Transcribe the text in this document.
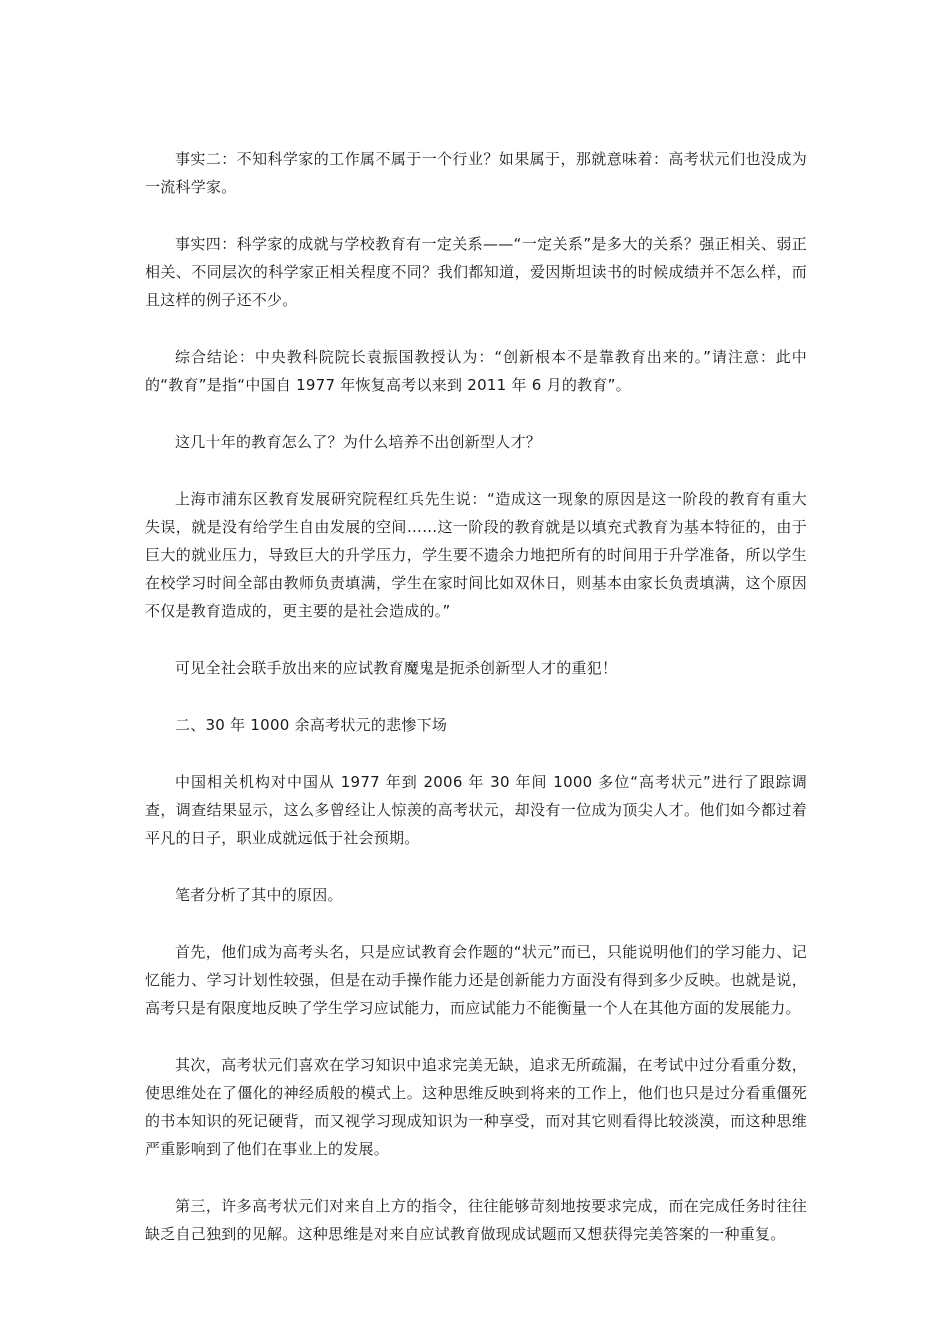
事实二：不知科学家的工作属不属于一个行业？如果属于，那就意味着：高考状元们也没成为一流科学家。

事实四：科学家的成就与学校教育有一定关系——“一定关系”是多大的关系？强正相关、弱正相关、不同层次的科学家正相关程度不同？我们都知道，爱因斯坦读书的时候成绩并不怎么样，而且这样的例子还不少。

综合结论：中央教科院院长袁振国教授认为：“创新根本不是靠教育出来的。”请注意：此中的“教育”是指“中国自 1977 年恢复高考以来到 2011 年 6 月的教育”。

这几十年的教育怎么了？为什么培养不出创新型人才？

上海市浦东区教育发展研究院程红兵先生说：“造成这一现象的原因是这一阶段的教育有重大失误，就是没有给学生自由发展的空间……这一阶段的教育就是以填充式教育为基本特征的，由于巨大的就业压力，导致巨大的升学压力，学生要不遗余力地把所有的时间用于升学准备，所以学生在校学习时间全部由教师负责填满，学生在家时间比如双休日，则基本由家长负责填满，这个原因不仅是教育造成的，更主要的是社会造成的。”

可见全社会联手放出来的应试教育魔鬼是扼杀创新型人才的重犯！

二、30 年 1000 余高考状元的悲惨下场

中国相关机构对中国从 1977 年到 2006 年 30 年间 1000 多位“高考状元”进行了跟踪调查，调查结果显示，这么多曾经让人惊羡的高考状元，却没有一位成为顶尖人才。他们如今都过着平凡的日子，职业成就远低于社会预期。

笔者分析了其中的原因。

首先，他们成为高考头名，只是应试教育会作题的“状元”而已，只能说明他们的学习能力、记忆能力、学习计划性较强，但是在动手操作能力还是创新能力方面没有得到多少反映。也就是说，高考只是有限度地反映了学生学习应试能力，而应试能力不能衡量一个人在其他方面的发展能力。

其次，高考状元们喜欢在学习知识中追求完美无缺，追求无所疏漏，在考试中过分看重分数，使思维处在了僵化的神经质般的模式上。这种思维反映到将来的工作上，他们也只是过分看重僵死的书本知识的死记硬背，而又视学习现成知识为一种享受，而对其它则看得比较淡漠，而这种思维严重影响到了他们在事业上的发展。

第三，许多高考状元们对来自上方的指令，往往能够苛刻地按要求完成，而在完成任务时往往缺乏自己独到的见解。这种思维是对来自应试教育做现成试题而又想获得完美答案的一种重复。
